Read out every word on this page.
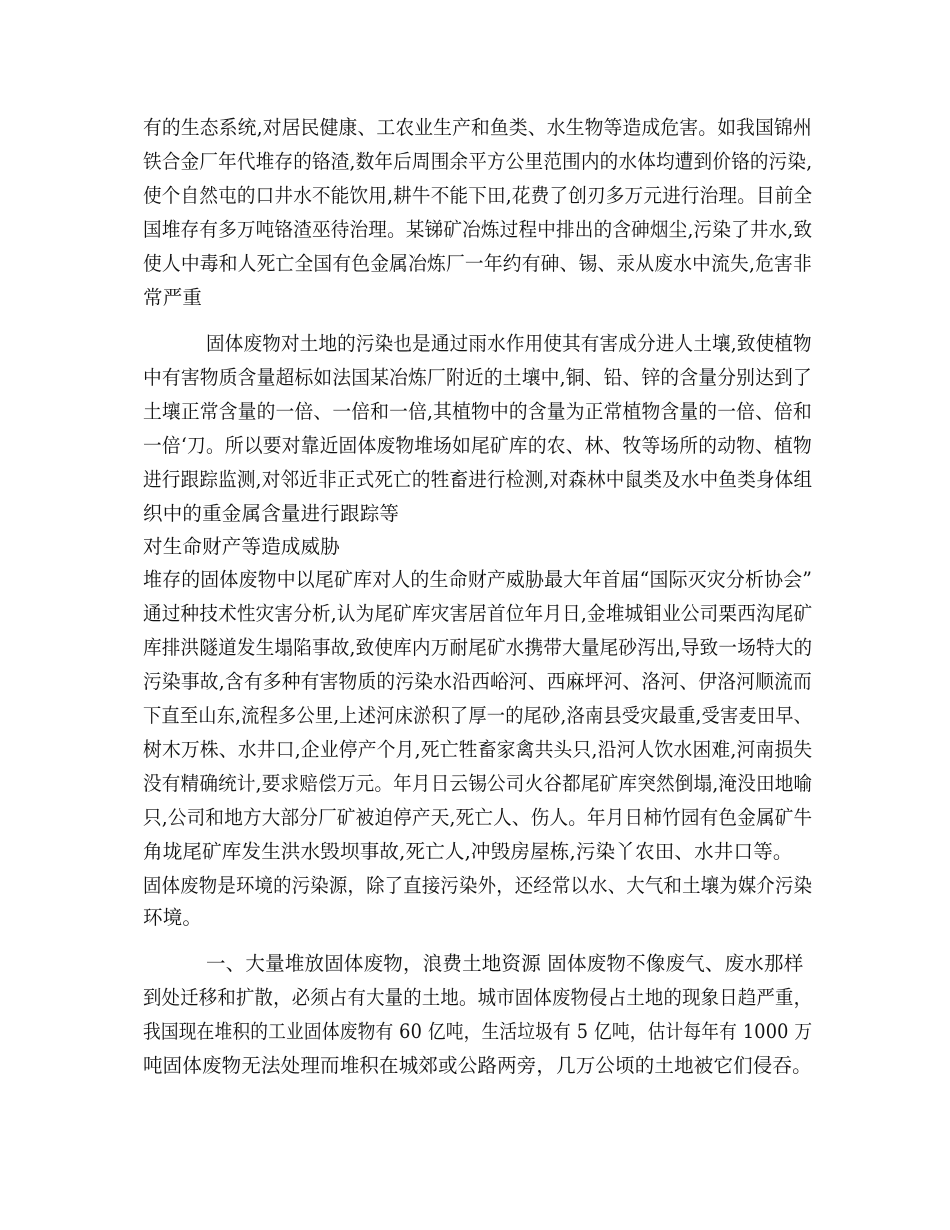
有的生态系统,对居民健康、工农业生产和鱼类、水生物等造成危害。如我国锦州
铁合金厂年代堆存的铬渣,数年后周围余平方公里范围内的水体均遭到价铬的污染,
使个自然屯的口井水不能饮用,耕牛不能下田,花费了创刃多万元进行治理。目前全
国堆存有多万吨铬渣巫待治理。某锑矿冶炼过程中排出的含砷烟尘,污染了井水,致
使人中毒和人死亡全国有色金属冶炼厂一年约有砷、锡、汞从废水中流失,危害非
常严重
固体废物对土地的污染也是通过雨水作用使其有害成分进人土壤,致使植物
中有害物质含量超标如法国某冶炼厂附近的土壤中,铜、铅、锌的含量分别达到了
土壤正常含量的一倍、一倍和一倍,其植物中的含量为正常植物含量的一倍、倍和
一倍‘刀。所以要对靠近固体废物堆场如尾矿库的农、林、牧等场所的动物、植物
进行跟踪监测,对邻近非正式死亡的牲畜进行检测,对森林中鼠类及水中鱼类身体组
织中的重金属含量进行跟踪等
对生命财产等造成威胁
堆存的固体废物中以尾矿库对人的生命财产威胁最大年首届“国际灭灾分析协会”
通过种技术性灾害分析,认为尾矿库灾害居首位年月日,金堆城钼业公司栗西沟尾矿
库排洪隧道发生塌陷事故,致使库内万耐尾矿水携带大量尾砂泻出,导致一场特大的
污染事故,含有多种有害物质的污染水沿西峪河、西麻坪河、洛河、伊洛河顺流而
下直至山东,流程多公里,上述河床淤积了厚一的尾砂,洛南县受灾最重,受害麦田早、
树木万株、水井口,企业停产个月,死亡牲畜家禽共头只,沿河人饮水困难,河南损失
没有精确统计,要求赔偿万元。年月日云锡公司火谷都尾矿库突然倒塌,淹没田地喻
只,公司和地方大部分厂矿被迫停产天,死亡人、伤人。年月日柿竹园有色金属矿牛
角垅尾矿库发生洪水毁坝事故,死亡人,冲毁房屋栋,污染丫农田、水井口等。
固体废物是环境的污染源，除了直接污染外，还经常以水、大气和土壤为媒介污染
环境。
一、大量堆放固体废物，浪费土地资源 固体废物不像废气、废水那样
到处迁移和扩散，必须占有大量的土地。城市固体废物侵占土地的现象日趋严重，
我国现在堆积的工业固体废物有 60 亿吨，生活垃圾有 5 亿吨，估计每年有 1000 万
吨固体废物无法处理而堆积在城郊或公路两旁，几万公顷的土地被它们侵吞。
